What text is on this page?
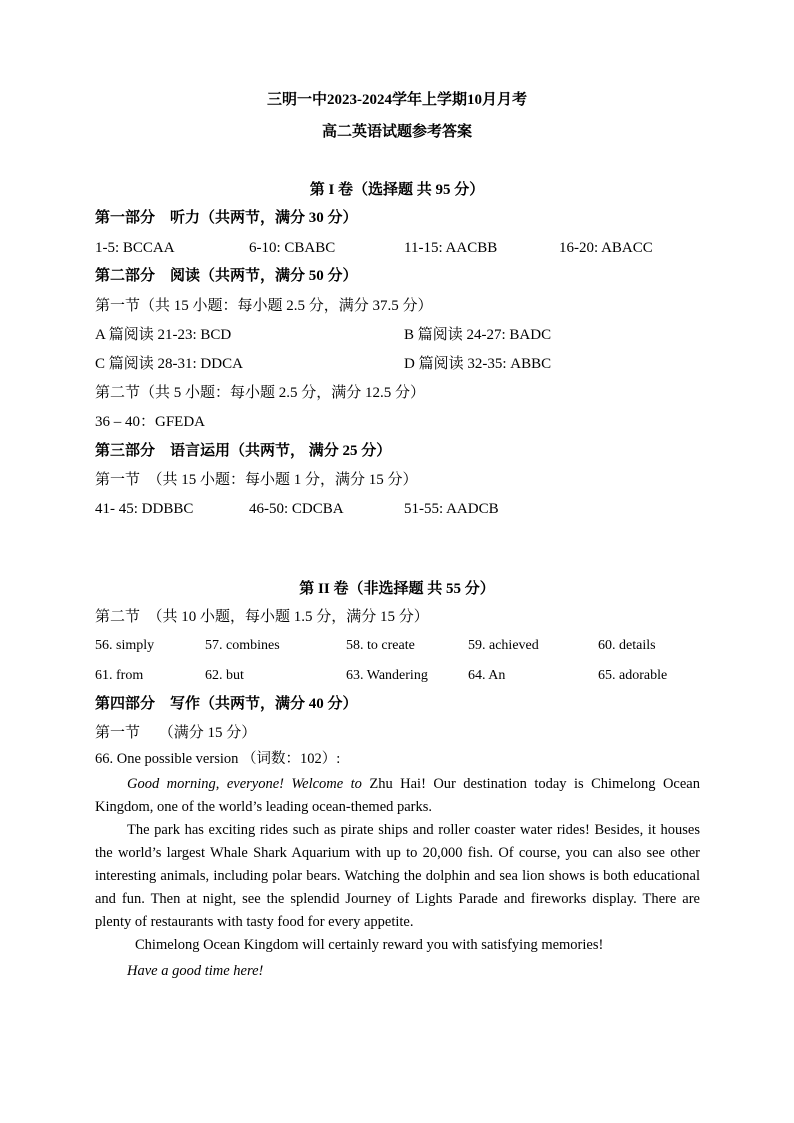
三明一中2023-2024学年上学期10月月考
高二英语试题参考答案
第 I 卷（选择题 共 95 分）
第一部分　听力（共两节，满分 30 分）
1-5: BCCAA	6-10: CBABC	11-15: AACBB	16-20: ABACC
第二部分　阅读（共两节，满分 50 分）
第一节（共 15 小题：每小题 2.5 分，满分 37.5 分）
A 篇阅读 21-23: BCD	B 篇阅读 24-27: BADC
C 篇阅读 28-31: DDCA	D 篇阅读 32-35: ABBC
第二节（共 5 小题：每小题 2.5 分，满分 12.5 分）
36 – 40：GFEDA
第三部分　语言运用（共两节， 满分 25 分）
第一节　（共 15 小题：每小题 1 分，满分 15 分）
41- 45: DDBBC	46-50: CDCBA	51-55: AADCB
第 II 卷（非选择题 共 55 分）
第二节　（共 10 小题，每小题 1.5 分，满分 15 分）
56. simply	57. combines	58. to create	59. achieved	60. details
61. from	62. but	63. Wandering	64. An	65. adorable
第四部分　写作（共两节，满分 40 分）
第一节　 （满分 15 分）
66. One possible version （词数：102）:
Good morning, everyone! Welcome to Zhu Hai! Our destination today is Chimelong Ocean Kingdom, one of the world’s leading ocean-themed parks.
The park has exciting rides such as pirate ships and roller coaster water rides! Besides, it houses the world’s largest Whale Shark Aquarium with up to 20,000 fish. Of course, you can also see other interesting animals, including polar bears. Watching the dolphin and sea lion shows is both educational and fun. Then at night, see the splendid Journey of Lights Parade and fireworks display. There are plenty of restaurants with tasty food for every appetite.
Chimelong Ocean Kingdom will certainly reward you with satisfying memories!
Have a good time here!
